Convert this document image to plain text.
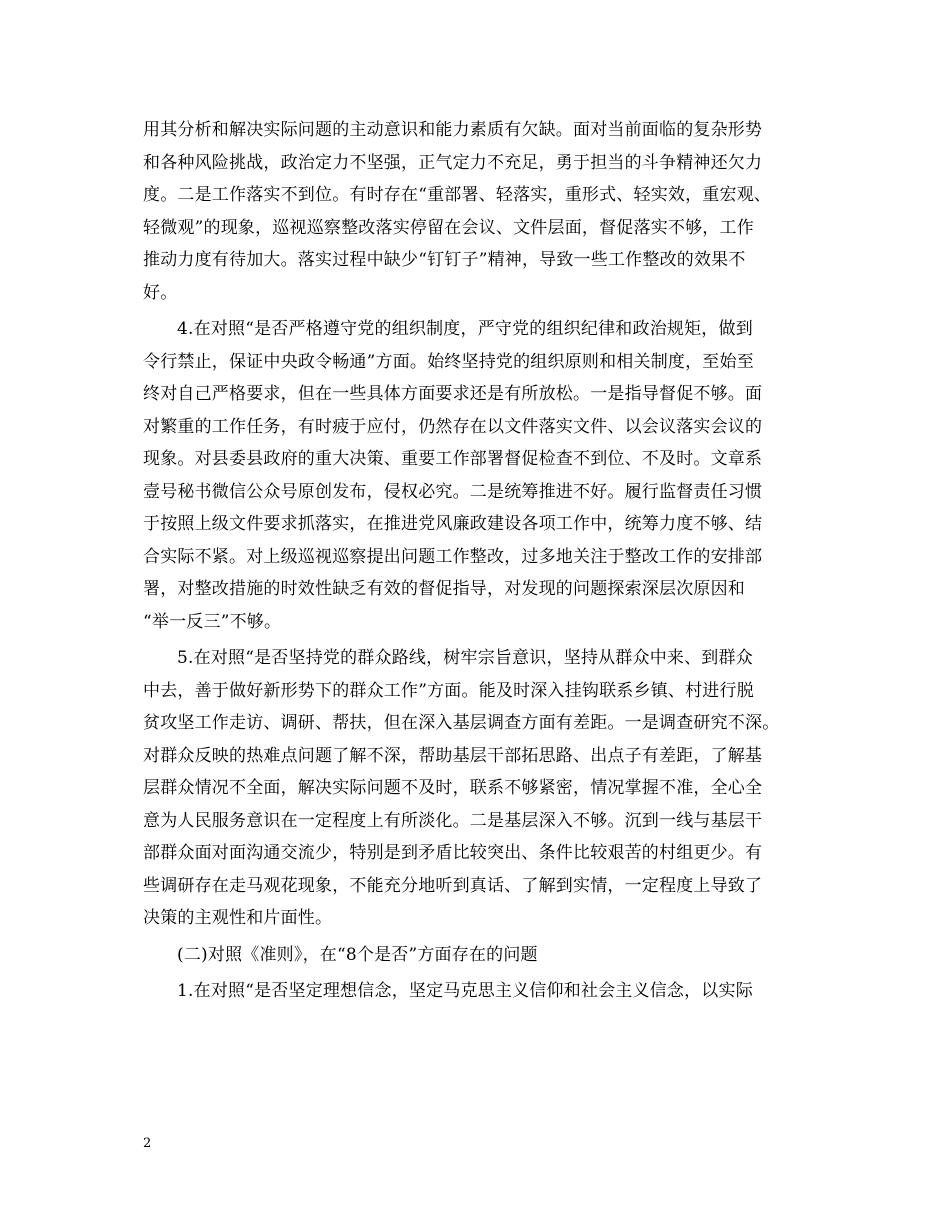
用其分析和解决实际问题的主动意识和能力素质有欠缺。面对当前面临的复杂形势
和各种风险挑战，政治定力不坚强，正气定力不充足，勇于担当的斗争精神还欠力
度。二是工作落实不到位。有时存在“重部署、轻落实，重形式、轻实效，重宏观、
轻微观”的现象，巡视巡察整改落实停留在会议、文件层面，督促落实不够，工作
推动力度有待加大。落实过程中缺少“钉钉子”精神，导致一些工作整改的效果不
好。
4.在对照“是否严格遵守党的组织制度，严守党的组织纪律和政治规矩，做到
令行禁止，保证中央政令畅通”方面。始终坚持党的组织原则和相关制度，至始至
终对自己严格要求，但在一些具体方面要求还是有所放松。一是指导督促不够。面
对繁重的工作任务，有时疲于应付，仍然存在以文件落实文件、以会议落实会议的
现象。对县委县政府的重大决策、重要工作部署督促检查不到位、不及时。文章系
壹号秘书微信公众号原创发布，侵权必究。二是统筹推进不好。履行监督责任习惯
于按照上级文件要求抓落实，在推进党风廉政建设各项工作中，统筹力度不够、结
合实际不紧。对上级巡视巡察提出问题工作整改，过多地关注于整改工作的安排部
署，对整改措施的时效性缺乏有效的督促指导，对发现的问题探索深层次原因和
“举一反三”不够。
5.在对照“是否坚持党的群众路线，树牢宗旨意识，坚持从群众中来、到群众
中去，善于做好新形势下的群众工作”方面。能及时深入挂钩联系乡镇、村进行脱
贫攻坚工作走访、调研、帮扶，但在深入基层调查方面有差距。一是调查研究不深。
对群众反映的热难点问题了解不深，帮助基层干部拓思路、出点子有差距，了解基
层群众情况不全面，解决实际问题不及时，联系不够紧密，情况掌握不准，全心全
意为人民服务意识在一定程度上有所淡化。二是基层深入不够。沉到一线与基层干
部群众面对面沟通交流少，特别是到矛盾比较突出、条件比较艰苦的村组更少。有
些调研存在走马观花现象，不能充分地听到真话、了解到实情，一定程度上导致了
决策的主观性和片面性。
(二)对照《准则》，在“8个是否”方面存在的问题
1.在对照“是否坚定理想信念，坚定马克思主义信仰和社会主义信念，以实际
2
